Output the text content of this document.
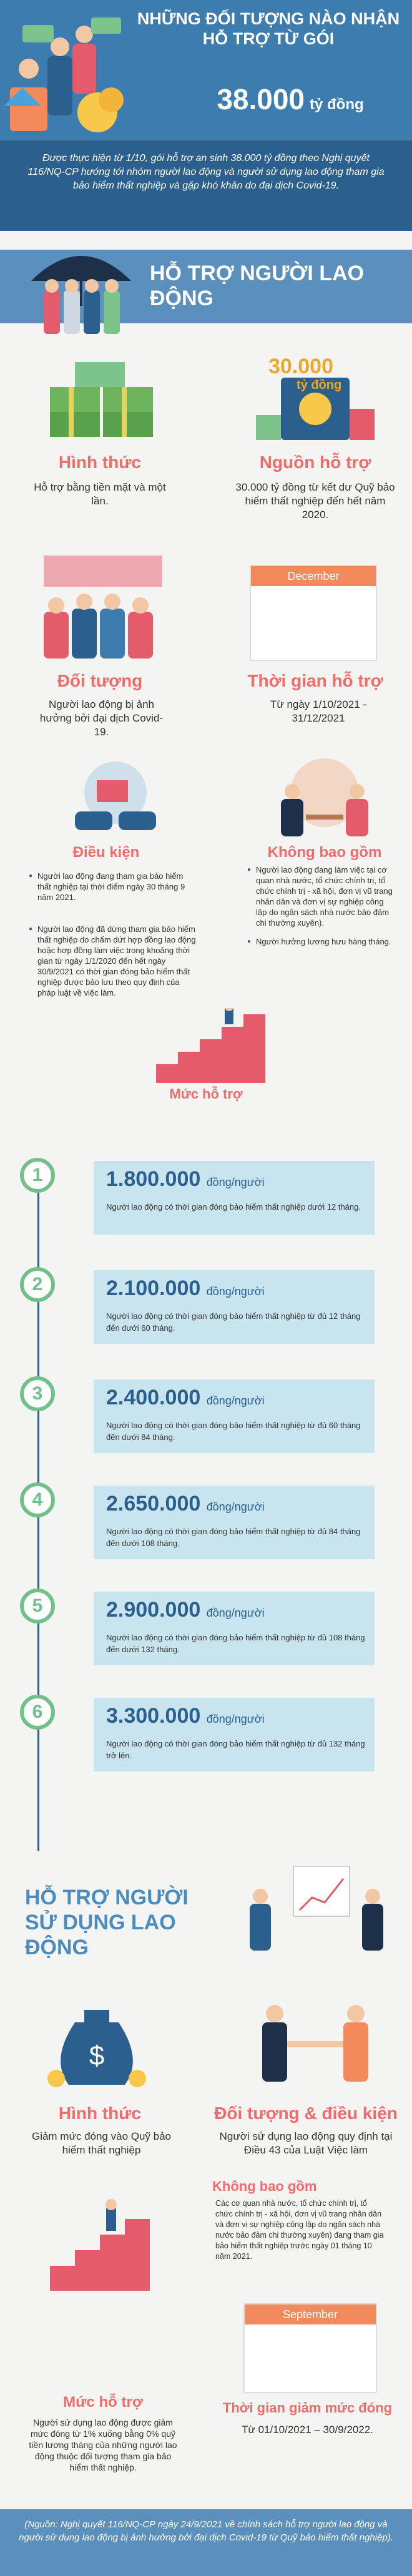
NHỮNG ĐỐI TƯỢNG NÀO NHẬN HỖ TRỢ TỪ GÓI
38.000 tỷ đồng

Được thực hiện từ 1/10, gói hỗ trợ an sinh 38.000 tỷ đồng theo Nghị quyết 116/NQ-CP hướng tới nhóm người lao động và người sử dụng lao động tham gia bảo hiểm thất nghiệp và gặp khó khăn do đại dịch Covid-19.

HỖ TRỢ NGƯỜI LAO ĐỘNG
30.000
tỷ đồng
Hình thức
Hỗ trợ bằng tiền mặt và một lần.
Nguồn hỗ trợ
30.000 tỷ đồng từ kết dư Quỹ bảo hiểm thất nghiệp đến hết năm 2020.
December
Đối tượng
Người lao động bị ảnh hưởng bởi đại dịch Covid-19.
Thời gian hỗ trợ
Từ ngày 1/10/2021 - 31/12/2021
Điều kiện	Không bao gồm
● Người lao động đang tham gia bảo hiểm thất nghiệp tại thời điểm ngày 30 tháng 9 năm 2021.
● Người lao động đã dừng tham gia bảo hiểm thất nghiệp do chấm dứt hợp đồng lao động hoặc hợp đồng làm việc trong khoảng thời gian từ ngày 1/1/2020 đến hết ngày 30/9/2021 có thời gian đóng bảo hiểm thất nghiệp được bảo lưu theo quy định của pháp luật về việc làm.
● Người lao động đang làm việc tại cơ quan nhà nước, tổ chức chính trị, tổ chức chính trị - xã hội, đơn vị vũ trang nhân dân và đơn vị sự nghiệp công lập do ngân sách nhà nước bảo đảm chi thường xuyên).
● Người hưởng lương hưu hàng tháng.
Mức hỗ trợ
1	1.800.000 đồng/người
Người lao động có thời gian đóng bảo hiểm thất nghiệp dưới 12 tháng.
2	2.100.000 đồng/người
Người lao động có thời gian đóng bảo hiểm thất nghiệp từ đủ 12 tháng đến dưới 60 tháng.
3	2.400.000 đồng/người
Người lao động có thời gian đóng bảo hiểm thất nghiệp từ đủ 60 tháng đến dưới 84 tháng.
4	2.650.000 đồng/người
Người lao động có thời gian đóng bảo hiểm thất nghiệp từ đủ 84 tháng đến dưới 108 tháng.
5	2.900.000 đồng/người
Người lao động có thời gian đóng bảo hiểm thất nghiệp từ đủ 108 tháng đến dưới 132 tháng.
6	3.300.000 đồng/người
Người lao động có thời gian đóng bảo hiểm thất nghiệp từ đủ 132 tháng trở lên.
HỖ TRỢ NGƯỜI SỬ DỤNG LAO ĐỘNG
$
Hình thức
Giảm mức đóng vào Quỹ bảo hiểm thất nghiệp
Đối tượng & điều kiện
Người sử dụng lao động quy định tại Điều 43 của Luật Việc làm
Không bao gồm
Các cơ quan nhà nước, tổ chức chính trị, tổ chức chính trị - xã hội, đơn vị vũ trang nhân dân và đơn vị sự nghiệp công lập do ngân sách nhà nước bảo đảm chi thường xuyên) đang tham gia bảo hiểm thất nghiệp trước ngày 01 tháng 10 năm 2021.
September
Mức hỗ trợ
Người sử dụng lao động được giảm mức đóng từ 1% xuống bằng 0% quỹ tiền lương tháng của những người lao động thuộc đối tượng tham gia bảo hiểm thất nghiệp.
Thời gian giảm mức đóng
Từ 01/10/2021 – 30/9/2022.

(Nguồn: Nghị quyết 116/NQ-CP ngày 24/9/2021 về chính sách hỗ trợ người lao động và người sử dụng lao động bị ảnh hưởng bởi đại dịch Covid-19 từ Quỹ bảo hiểm thất nghiệp).
